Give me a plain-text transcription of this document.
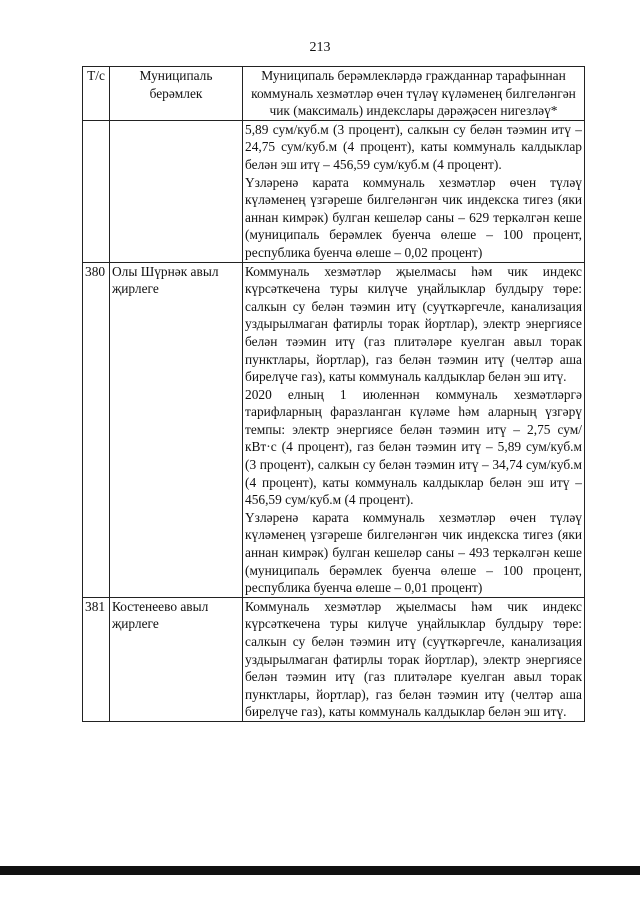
213
Т/с	Муниципаль берәмлек	Муниципаль берәмлекләрдә гражданнар тарафыннан коммуналь хезмәтләр өчен түләү күләменең билгеләнгән чик (максималь) индекслары дәрәҗәсен нигезләү*

		5,89 сум/куб.м (3 процент), салкын су белән тәэмин итү – 24,75 сум/куб.м (4 процент), каты коммуналь калдыклар белән эш итү – 456,59 сум/куб.м (4 процент).

Үзләренә карата коммуналь хезмәтләр өчен түләү күләменең үзгәреше билгеләнгән чик индекска тигез (яки аннан кимрәк) булган кешеләр саны – 629 теркәлгән кеше (муниципаль берәмлек буенча өлеше – 100 процент, республика буенча өлеше – 0,02 процент)

380	Олы Шүрнәк авыл җирлеге	Коммуналь хезмәтләр җыелмасы һәм чик индекс күрсәткечена туры килүче уңайлыклар булдыру төре: салкын су белән тәэмин итү (суүткәргечле, канализация уздырылмаган фатирлы торак йортлар), электр энергиясе белән тәэмин итү (газ плитәләре куелган авыл торак пунктлары, йортлар), газ белән тәэмин итү (челтәр аша бирелүче газ), каты коммуналь калдыклар белән эш итү.

2020 елның 1 июленнән коммуналь хезмәтләргә тарифларның фаразланган күләме һәм аларның үзгәрү темпы: электр энергиясе белән тәэмин итү – 2,75 сум/кВт·с (4 процент), газ белән тәэмин итү – 5,89 сум/куб.м (3 процент), салкын су белән тәэмин итү – 34,74 сум/куб.м (4 процент), каты коммуналь калдыклар белән эш итү – 456,59 сум/куб.м (4 процент).

Үзләренә карата коммуналь хезмәтләр өчен түләү күләменең үзгәреше билгеләнгән чик индекска тигез (яки аннан кимрәк) булган кешеләр саны – 493 теркәлгән кеше (муниципаль берәмлек буенча өлеше – 100 процент, республика буенча өлеше – 0,01 процент)

381	Костенеево авыл җирлеге	Коммуналь хезмәтләр җыелмасы һәм чик индекс күрсәткечена туры килүче уңайлыклар булдыру төре: салкын су белән тәэмин итү (суүткәргечле, канализация уздырылмаган фатирлы торак йортлар), электр энергиясе белән тәэмин итү (газ плитәләре куелган авыл торак пунктлары, йортлар), газ белән тәэмин итү (челтәр аша бирелүче газ), каты коммуналь калдыклар белән эш итү.
